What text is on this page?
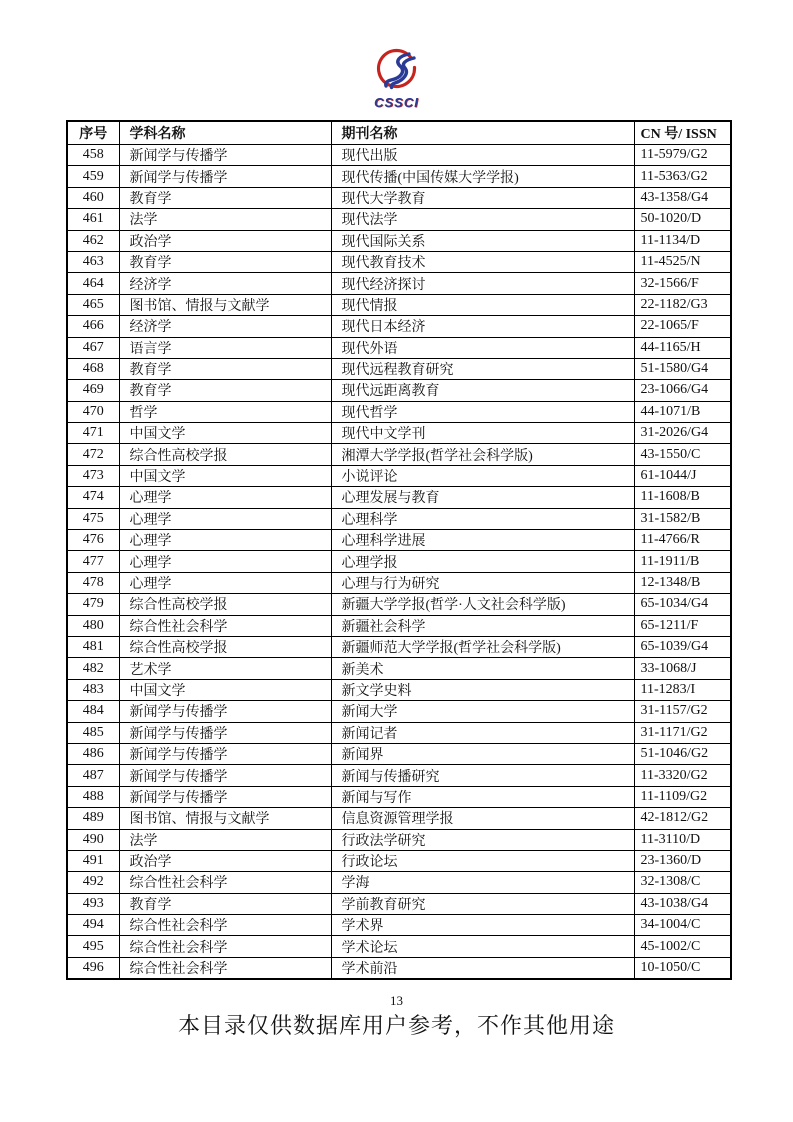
CSSCI
序号	学科名称	期刊名称	CN 号/ ISSN
458	新闻学与传播学	现代出版	11-5979/G2
459	新闻学与传播学	现代传播(中国传媒大学学报)	11-5363/G2
460	教育学	现代大学教育	43-1358/G4
461	法学	现代法学	50-1020/D
462	政治学	现代国际关系	11-1134/D
463	教育学	现代教育技术	11-4525/N
464	经济学	现代经济探讨	32-1566/F
465	图书馆、情报与文献学	现代情报	22-1182/G3
466	经济学	现代日本经济	22-1065/F
467	语言学	现代外语	44-1165/H
468	教育学	现代远程教育研究	51-1580/G4
469	教育学	现代远距离教育	23-1066/G4
470	哲学	现代哲学	44-1071/B
471	中国文学	现代中文学刊	31-2026/G4
472	综合性高校学报	湘潭大学学报(哲学社会科学版)	43-1550/C
473	中国文学	小说评论	61-1044/J
474	心理学	心理发展与教育	11-1608/B
475	心理学	心理科学	31-1582/B
476	心理学	心理科学进展	11-4766/R
477	心理学	心理学报	11-1911/B
478	心理学	心理与行为研究	12-1348/B
479	综合性高校学报	新疆大学学报(哲学·人文社会科学版)	65-1034/G4
480	综合性社会科学	新疆社会科学	65-1211/F
481	综合性高校学报	新疆师范大学学报(哲学社会科学版)	65-1039/G4
482	艺术学	新美术	33-1068/J
483	中国文学	新文学史料	11-1283/I
484	新闻学与传播学	新闻大学	31-1157/G2
485	新闻学与传播学	新闻记者	31-1171/G2
486	新闻学与传播学	新闻界	51-1046/G2
487	新闻学与传播学	新闻与传播研究	11-3320/G2
488	新闻学与传播学	新闻与写作	11-1109/G2
489	图书馆、情报与文献学	信息资源管理学报	42-1812/G2
490	法学	行政法学研究	11-3110/D
491	政治学	行政论坛	23-1360/D
492	综合性社会科学	学海	32-1308/C
493	教育学	学前教育研究	43-1038/G4
494	综合性社会科学	学术界	34-1004/C
495	综合性社会科学	学术论坛	45-1002/C
496	综合性社会科学	学术前沿	10-1050/C
13
本目录仅供数据库用户参考，不作其他用途
